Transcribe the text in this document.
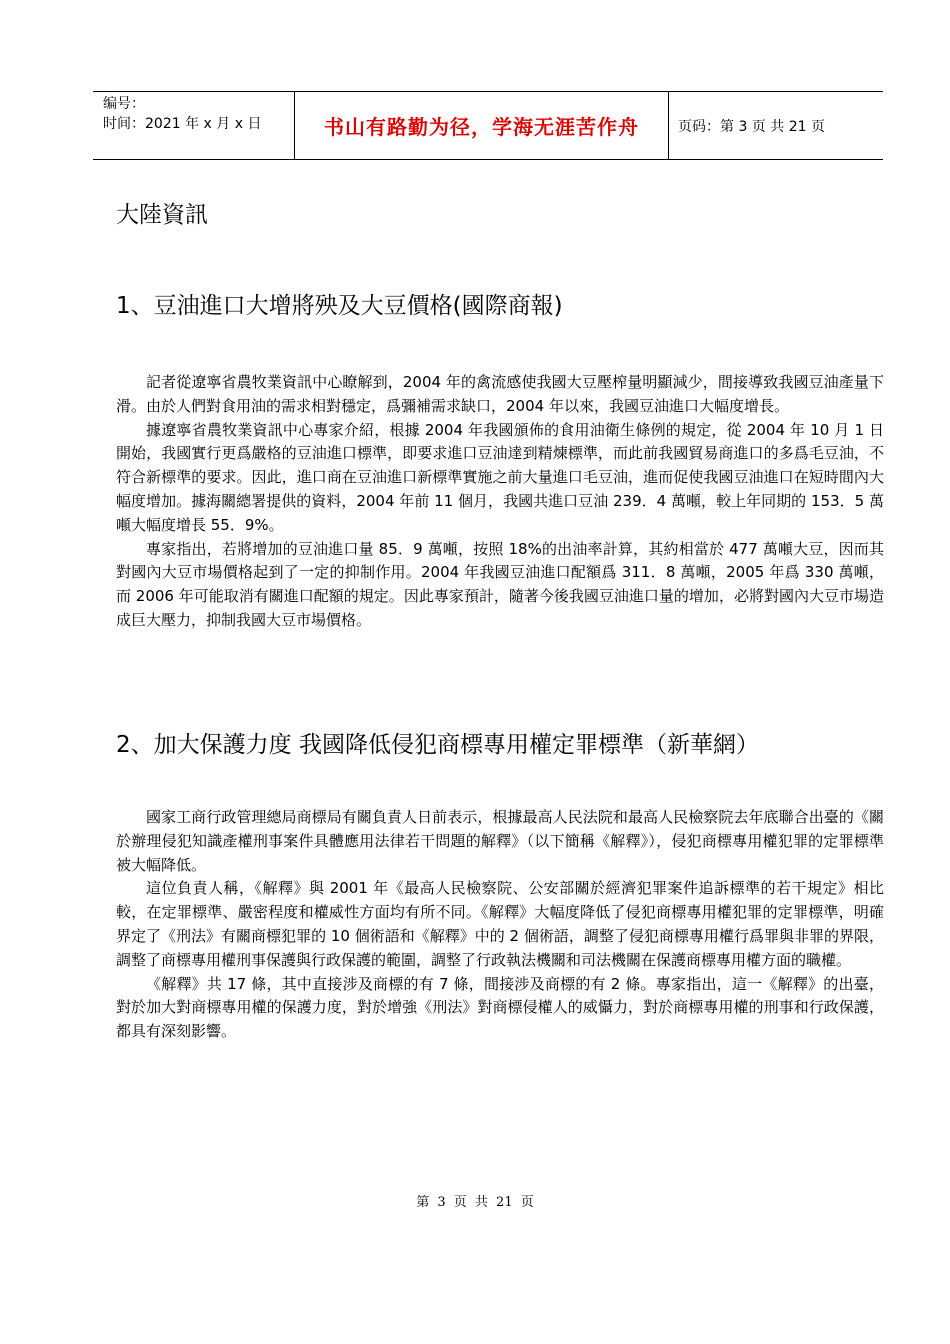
编号：
时间：2021 年 x 月 x 日	书山有路勤为径，学海无涯苦作舟	页码：第 3 页 共 21 页
大陸資訊
1、豆油進口大增將殃及大豆價格(國際商報)

記者從遼寧省農牧業資訊中心瞭解到，2004 年的禽流感使我國大豆壓榨量明顯減少，間接導致我國豆油產量下滑。由於人們對食用油的需求相對穩定，爲彌補需求缺口，2004 年以來，我國豆油進口大幅度增長。

據遼寧省農牧業資訊中心專家介紹，根據 2004 年我國頒佈的食用油衛生條例的規定，從 2004 年 10 月 1 日開始，我國實行更爲嚴格的豆油進口標準，即要求進口豆油達到精煉標準，而此前我國貿易商進口的多爲毛豆油，不符合新標準的要求。因此，進口商在豆油進口新標準實施之前大量進口毛豆油，進而促使我國豆油進口在短時間內大幅度增加。據海關總署提供的資料，2004 年前 11 個月，我國共進口豆油 239．4 萬噸，較上年同期的 153．5 萬噸大幅度增長 55．9%。

專家指出，若將增加的豆油進口量 85．9 萬噸，按照 18%的出油率計算，其約相當於 477 萬噸大豆，因而其對國內大豆市場價格起到了一定的抑制作用。2004 年我國豆油進口配額爲 311．8 萬噸，2005 年爲 330 萬噸，而 2006 年可能取消有關進口配額的規定。因此專家預計，隨著今後我國豆油進口量的增加，必將對國內大豆市場造成巨大壓力，抑制我國大豆市場價格。

2、加大保護力度 我國降低侵犯商標專用權定罪標準（新華網）

國家工商行政管理總局商標局有關負責人日前表示，根據最高人民法院和最高人民檢察院去年底聯合出臺的《關於辦理侵犯知識產權刑事案件具體應用法律若干問題的解釋》（以下簡稱《解釋》），侵犯商標專用權犯罪的定罪標準被大幅降低。

這位負責人稱，《解釋》與 2001 年《最高人民檢察院、公安部關於經濟犯罪案件追訴標準的若干規定》相比較，在定罪標準、嚴密程度和權威性方面均有所不同。《解釋》大幅度降低了侵犯商標專用權犯罪的定罪標準，明確界定了《刑法》有關商標犯罪的 10 個術語和《解釋》中的 2 個術語，調整了侵犯商標專用權行爲罪與非罪的界限，調整了商標專用權刑事保護與行政保護的範圍，調整了行政執法機關和司法機關在保護商標專用權方面的職權。

《解釋》共 17 條，其中直接涉及商標的有 7 條，間接涉及商標的有 2 條。專家指出，這一《解釋》的出臺，對於加大對商標專用權的保護力度，對於增強《刑法》對商標侵權人的威懾力，對於商標專用權的刑事和行政保護，都具有深刻影響。

第 3 页 共 21 页
